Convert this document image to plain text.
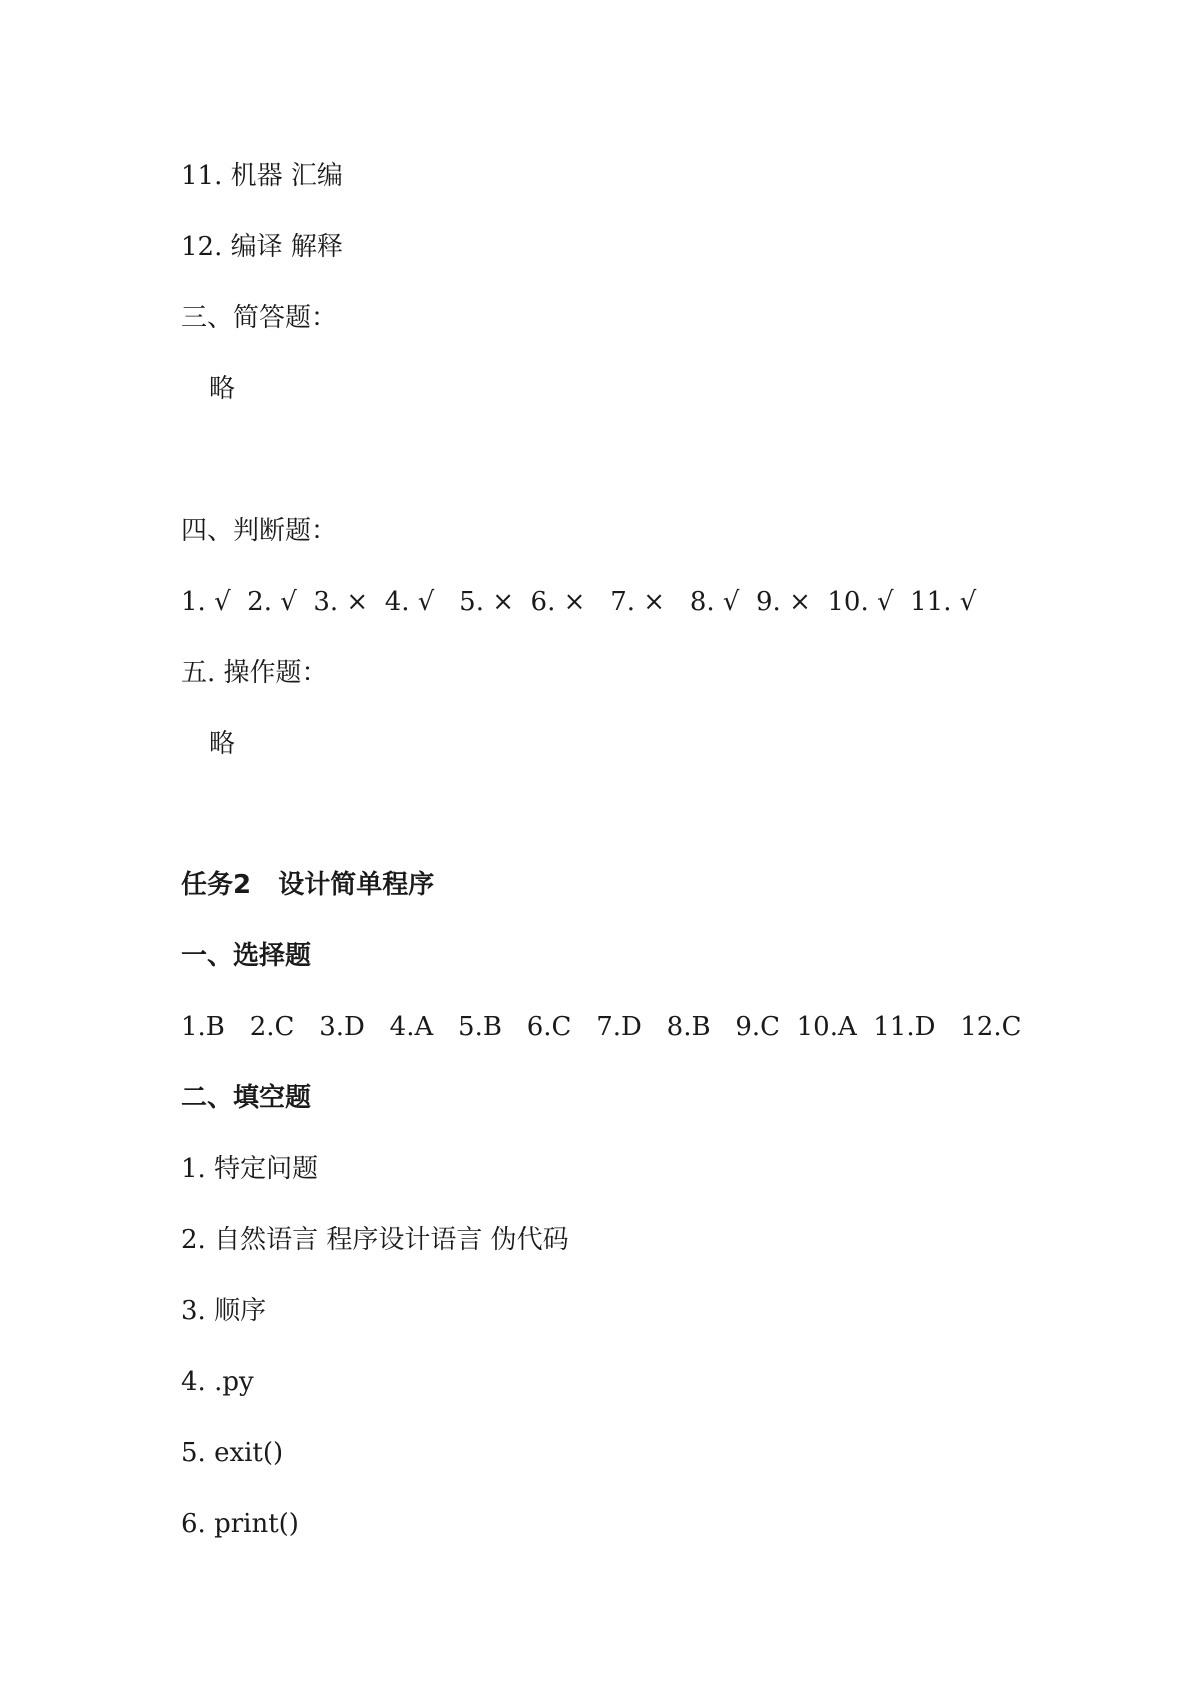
11. 机器 汇编
12. 编译 解释
三、简答题：
略
四、判断题：
1. √  2. √  3. ×  4. √   5. ×  6. ×   7. ×   8. √  9. ×  10. √  11. √
五. 操作题：
略
任务2   设计简单程序
一、选择题
1.B   2.C   3.D   4.A   5.B   6.C   7.D   8.B   9.C  10.A  11.D   12.C
二、填空题
1. 特定问题
2. 自然语言 程序设计语言 伪代码
3. 顺序
4. .py
5. exit()
6. print()
